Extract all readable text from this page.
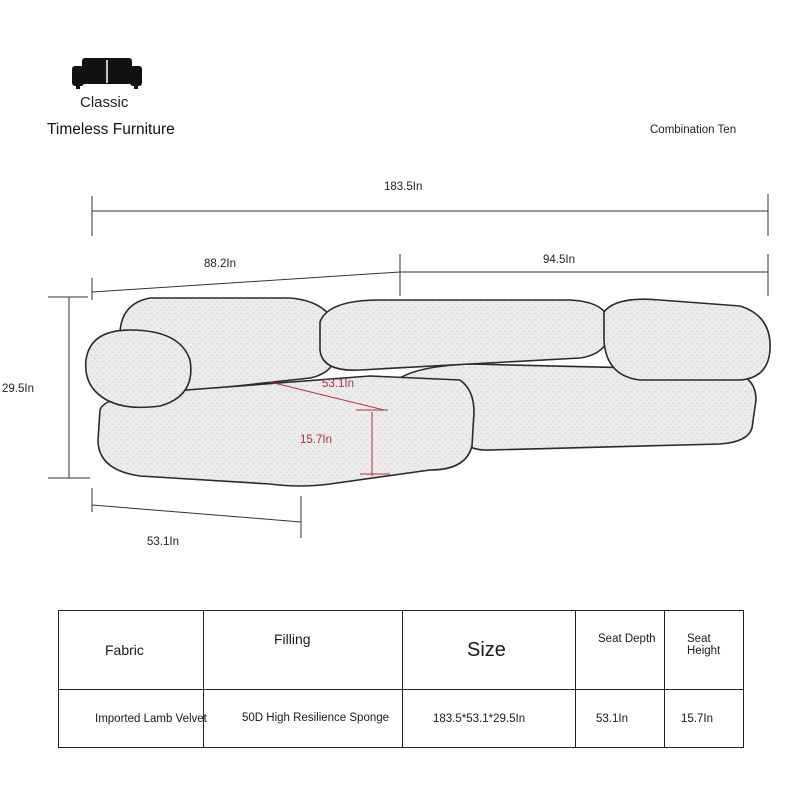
Classic
Timeless Furniture	Combination Ten
183.5In
88.2In	94.5In
29.5In
53.1In
53.1In
15.7In
Fabric	Filling	Size	Seat Depth	Seat Height
Imported Lamb Velvet	50D High Resilience Sponge	183.5*53.1*29.5In	53.1In	15.7In
